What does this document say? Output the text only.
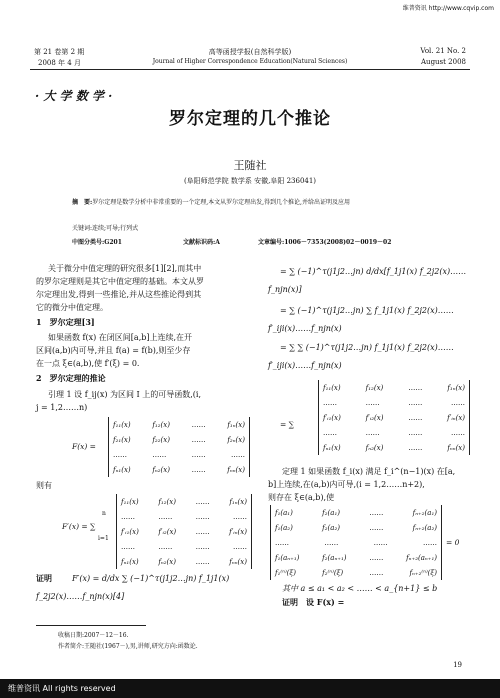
维普资讯 http://www.cqvip.com
第 21 卷第 2 期
2008 年 4 月
高等函授学报(自然科学版)
Journal of Higher Correspondence Education(Natural Sciences)
Vol. 21 No. 2
August 2008
· 大 学 数 学 ·
罗尔定理的几个推论
王随社
(阜阳师范学院 数学系 安徽,阜阳 236041)
摘　要:罗尔定理是数学分析中非常重要的一个定理,本文从罗尔定理出发,得到几个推论,并给出证明及应用
关键词:连续;可导;行列式
中图分类号:G201	文献标识码:A	文章编号:1006－7353(2008)02－0019－02
关于微分中值定理的研究很多[1][2],而其中
的罗尔定理则是其它中值定理的基础。本文从罗
尔定理出发,得到一些推论,并从这些推论得到其
它的微分中值定理。
1　罗尔定理[3]
如果函数 f(x) 在闭区间[a,b]上连续,在开
区间(a,b)内可导,并且 f(a) = f(b),则至少存
在一点 ξ∈(a,b),使 f′(ξ) = 0.
2　罗尔定理的推论
引理 1 设 f_ij(x) 为区间 I 上的可导函数,(i,
j = 1,2……n)
F(x) =
f₁₁(x)	f₁₂(x)	……	f₁ₙ(x)
f₂₁(x)	f₂₂(x)	……	f₂ₙ(x)
……	……	……	……
fₙ₁(x)	fₙ₂(x)	……	fₙₙ(x)
则有
F′(x) = ∑
n
i=1
f₁₁(x)	f₁₂(x)	……	f₁ₙ(x)
……	……	……	……
f′ᵢ₁(x)	f′ᵢ₂(x)	……	f′ᵢₙ(x)
……	……	……	……
fₙ₁(x)	fₙ₂(x)	……	fₙₙ(x)
证明	F′(x) = d/dx ∑ (−1)^τ(j1j2…jn) f_1j1(x)
f_2j2(x)……f_njn(x)[4]
= ∑ (−1)^τ(j1j2…jn) d/dx[f_1j1(x) f_2j2(x)……
f_njn(x)]
= ∑ (−1)^τ(j1j2…jn) ∑ f_1j1(x) f_2j2(x)……
f′_iji(x)……f_njn(x)
= ∑ ∑ (−1)^τ(j1j2…jn) f_1j1(x) f_2j2(x)……
f′_iji(x)……f_njn(x)
= ∑
f₁₁(x)	f₁₂(x)	……	f₁ₙ(x)
……	……	……	……
f′ᵢ₁(x)	f′ᵢ₂(x)	……	f′ᵢₙ(x)
……	……	……	……
fₙ₁(x)	fₙ₂(x)	……	fₙₙ(x)
定理 1 如果函数 f_i(x) 满足 f_i^(n−1)(x) 在[a,
b]上连续,在(a,b)内可导,(i = 1,2……n+2),
则存在 ξ∈(a,b),使
f₁(a₁)	f₂(a₁)	……	fₙ₊₂(a₁)
f₁(a₂)	f₂(a₂)	……	fₙ₊₂(a₂)
……	……	……	……
f₁(aₙ₊₁)	f₂(aₙ₊₁)	……	fₙ₊₂(aₙ₊₁)
f₁⁽ⁿ⁾(ξ)	f₂⁽ⁿ⁾(ξ)	……	fₙ₊₂⁽ⁿ⁾(ξ)
= 0
其中 a ≤ a₁ < a₂ < …… < a_{n+1} ≤ b
证明　设 F(x) =
收稿日期:2007－12－16.
作者简介:王随社(1967－),男,讲师,研究方向:函数论.
19
维普资讯 All rights reserved
